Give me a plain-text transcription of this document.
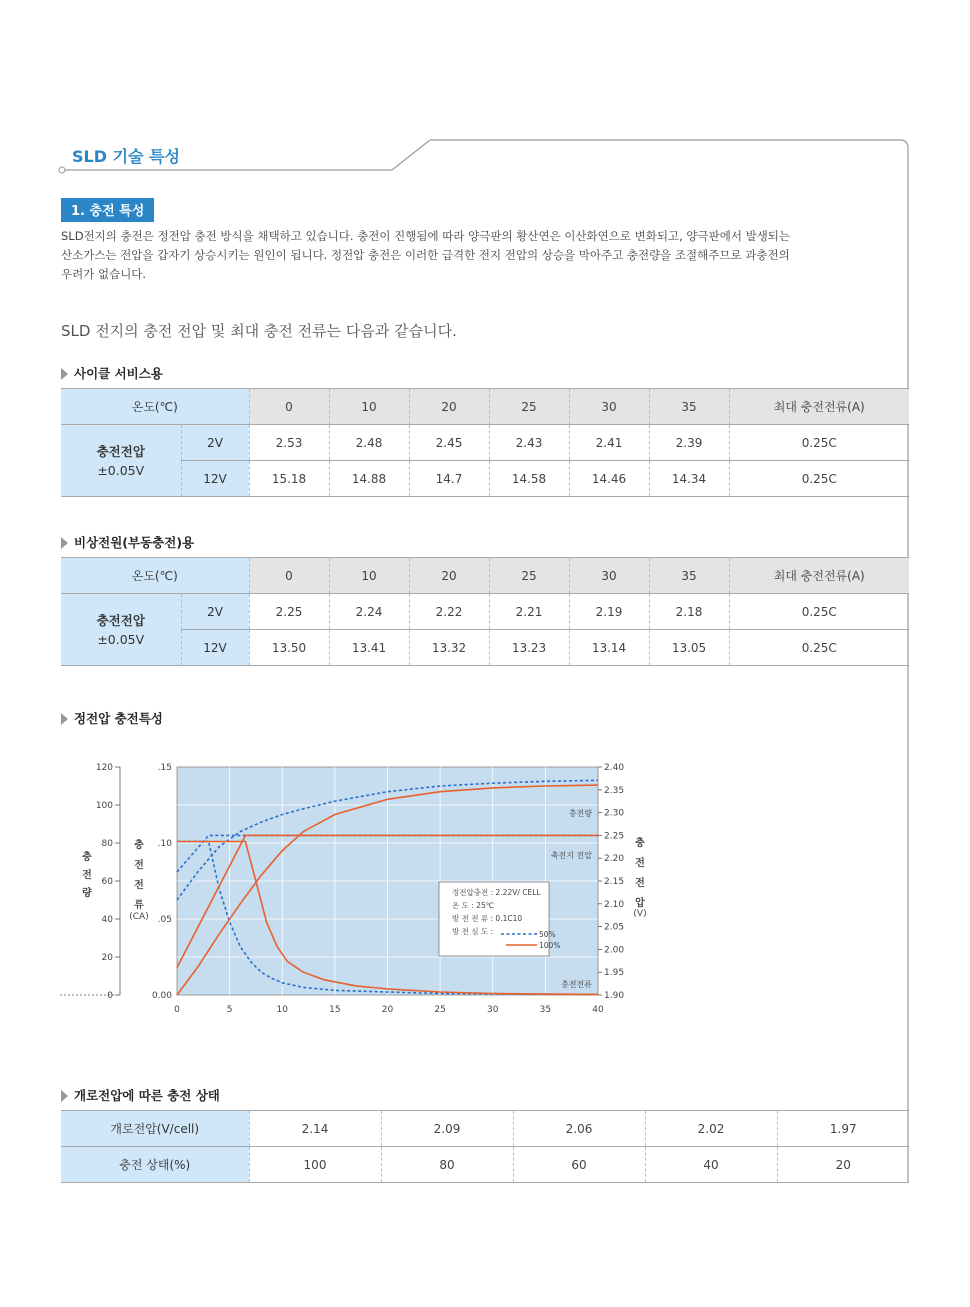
SLD 기술 특성
1. 충전 특성
SLD전지의 충전은 정전압 충전 방식을 채택하고 있습니다. 충전이 진행됨에 따라 양극판의 황산연은 이산화연으로 변화되고, 양극판에서 발생되는
산소가스는 전압을 갑자기 상승시키는 원인이 됩니다. 정전압 충전은 이러한 급격한 전지 전압의 상승을 막아주고 충전량을 조절해주므로 과충전의
우려가 없습니다.
SLD 전지의 충전 전압 및 최대 충전 전류는 다음과 같습니다.
사이클 서비스용
온도(℃)		0	10	20	25	30	35	최대 충전전류(A)
충전전압
±0.05V	2V	2.53	2.48	2.45	2.43	2.41	2.39	0.25C
	12V	15.18	14.88	14.7	14.58	14.46	14.34	0.25C
비상전원(부동충전)용
온도(℃)		0	10	20	25	30	35	최대 충전전류(A)
충전전압
±0.05V	2V	2.25	2.24	2.22	2.21	2.19	2.18	0.25C
	12V	13.50	13.41	13.32	13.23	13.14	13.05	0.25C
정전압 충전특성
0	5	10	15	20	25	30	35	40
120
100
80
60
40
20
0
충
전
량
.15
.10
.05
0.00
충
전
전
류
(CA)
2.40
2.35
2.30
2.25
2.20
2.15
2.10
2.05
2.00
1.95
1.90
충
전
전
압
(V)
충전량
축전지 전압
충전전류
정전압충전 : 2.22V/ CELL
온 도 : 25℃
방 전 전 류 : 0.1C10
방 전 심 도 :	50%
100%
개로전압에 따른 충전 상태
개로전압(V/cell)	2.14	2.09	2.06	2.02	1.97
충전 상태(%)	100	80	60	40	20
